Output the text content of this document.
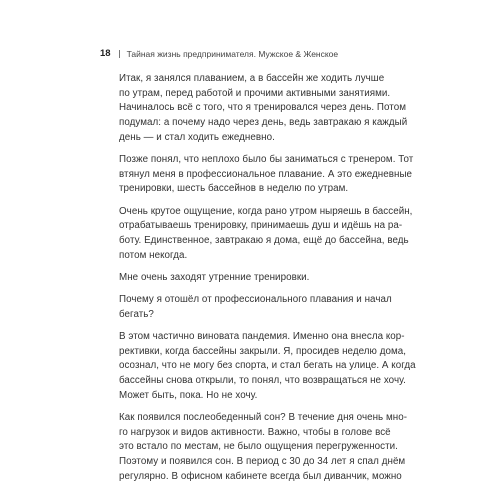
18 Тайная жизнь предпринимателя. Мужское & Женское

Итак, я занялся плаванием, а в бассейн же ходить лучше
по утрам, перед работой и прочими активными занятиями.
Начиналось всё с того, что я тренировался через день. Потом
подумал: а почему надо через день, ведь завтракаю я каждый
день — и стал ходить ежедневно.

Позже понял, что неплохо было бы заниматься с тренером. Тот
втянул меня в профессиональное плавание. А это ежедневные
тренировки, шесть бассейнов в неделю по утрам.

Очень крутое ощущение, когда рано утром ныряешь в бассейн,
отрабатываешь тренировку, принимаешь душ и идёшь на ра-
боту. Единственное, завтракаю я дома, ещё до бассейна, ведь
потом некогда.

Мне очень заходят утренние тренировки.

Почему я отошёл от профессионального плавания и начал
бегать?

В этом частично виновата пандемия. Именно она внесла кор-
рективки, когда бассейны закрыли. Я, просидев неделю дома,
осознал, что не могу без спорта, и стал бегать на улице. А когда
бассейны снова открыли, то понял, что возвращаться не хочу.
Может быть, пока. Но не хочу.

Как появился послеобеденный сон? В течение дня очень мно-
го нагрузок и видов активности. Важно, чтобы в голове всё
это встало по местам, не было ощущения перегруженности.
Поэтому и появился сон. В период с 30 до 34 лет я спал днём
регулярно. В офисном кабинете всегда был диванчик, можно
